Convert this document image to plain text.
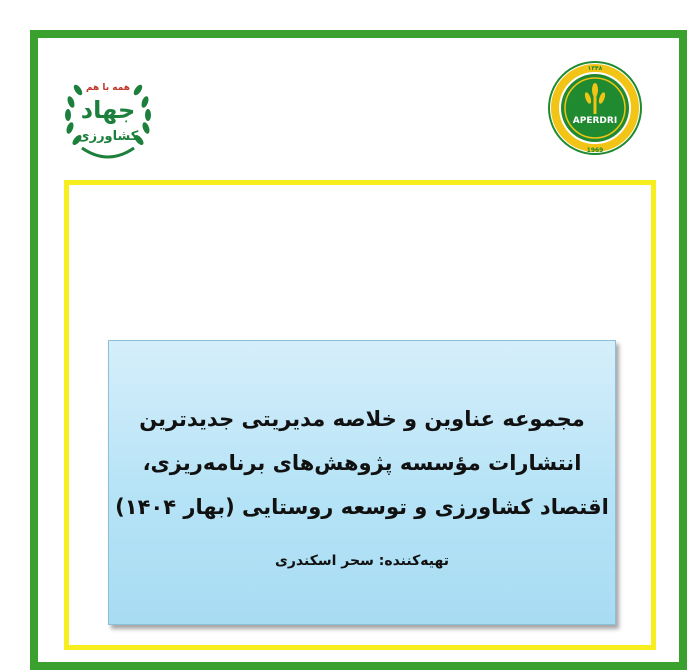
همه با هم
جهاد
کشاورزی
APERDRI
۱۳۴۸
1969
مجموعه عناوین و خلاصه مدیریتی جدیدترین
انتشارات مؤسسه پژوهش‌های برنامه‌ریزی،
اقتصاد کشاورزی و توسعه روستایی (بهار ۱۴۰۴)
تهیه‌کننده: سحر اسکندری
